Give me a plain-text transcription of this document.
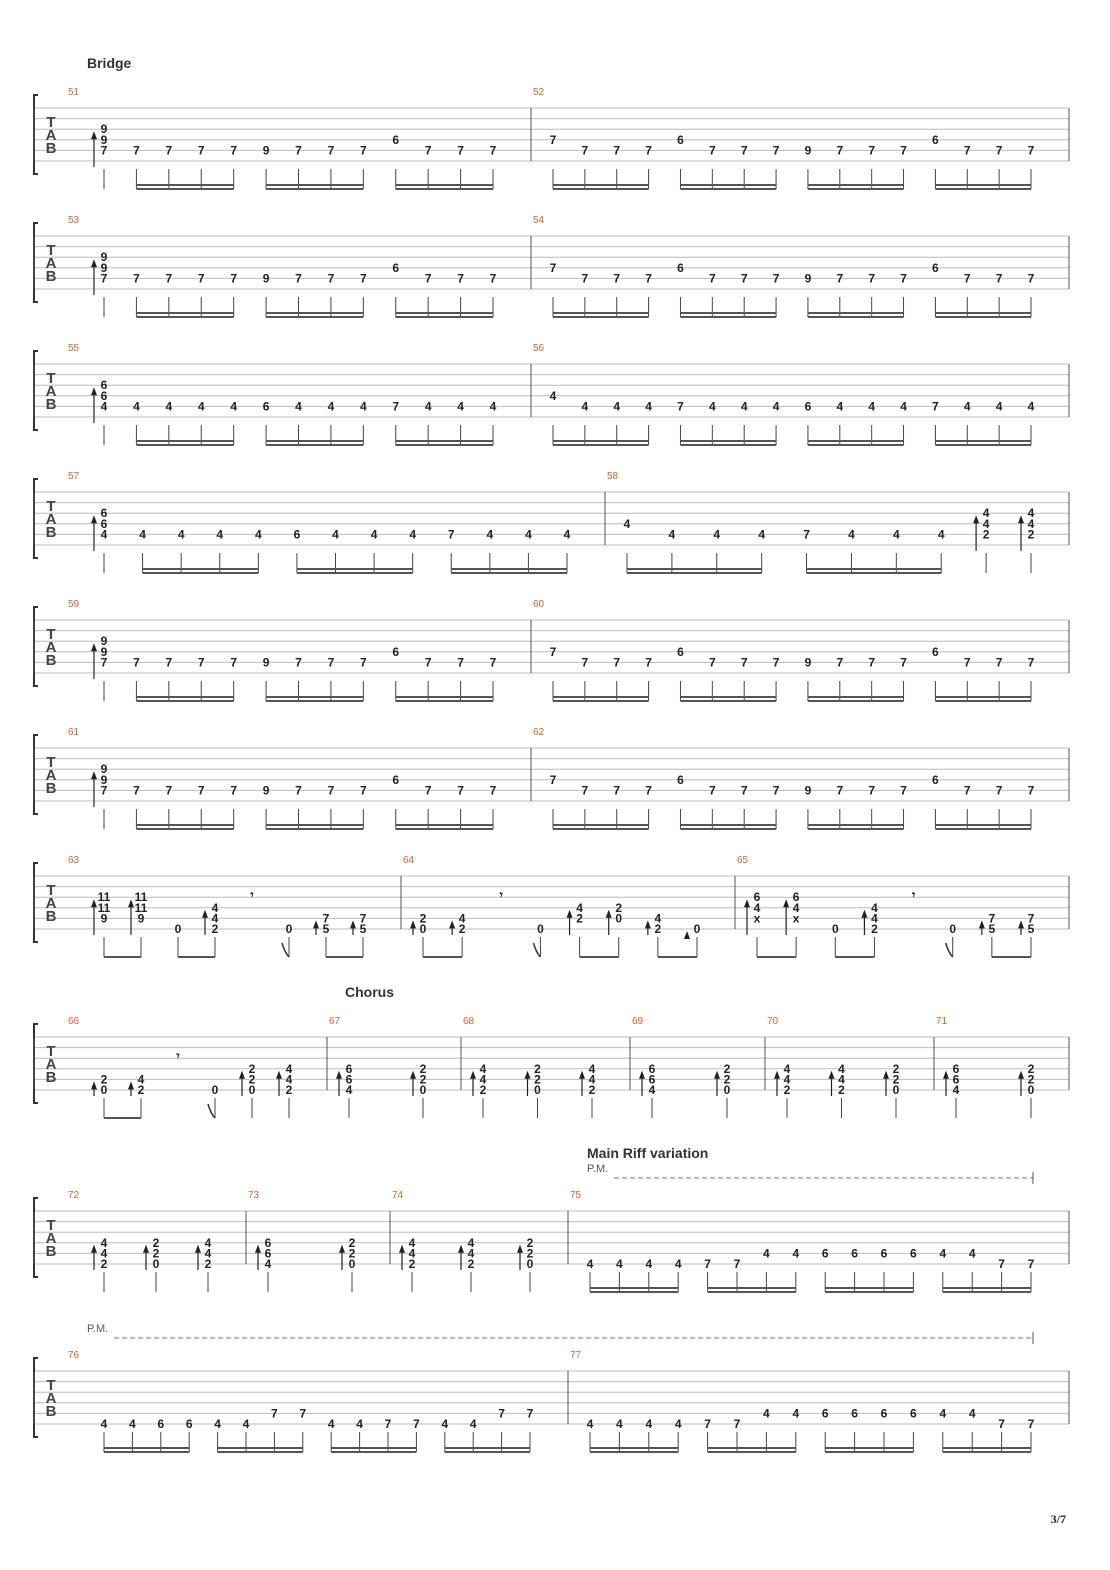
3/7
T
A
B
Bridge
51
9
9
7 7 7 7 7 9 7 7 7
6
7 7 7
52
7
7 7 7
6
7 7 7 9 7 7 7
6
7 7 7
T
A
B
53
9
9
7 7 7 7 7 9 7 7 7
6
7 7 7
54
7
7 7 7
6
7 7 7 9 7 7 7
6
7 7 7
T
A
B
55
6
6
4 4 4 4 4 6 4 4 4 7 4 4 4
56
4
4 4 4 7 4 4 4 6 4 4 4 7 4 4 4
T
A
B
57
6
6
4	4	4	4	4	6	4	4	4	7	4	4	4
58
4
4	4	4	7	4	4	4
4
4
2
4
4
2
T
A
B
59
9
9
7 7 7 7 7 9 7 7 7
6
7 7 7
60
7
7 7 7
6
7 7 7 9 7 7 7
6
7 7 7
T
A
B
61
9
9
7 7 7 7 7 9 7 7 7
6
7 7 7
62
7
7 7 7
6
7 7 7 9 7 7 7
6
7 7 7
T
A
B
63
11
11
9
11
11
9
0
4
4
2
𝄾
0
7
5
7
5
64
2
0
4
2
𝄾
0
4
2
2
0	4
2	0
65
6
4
x
6
4
x
0
4
4
2
𝄾
0
7
5
7
5
T
A
B
Chorus
66
2
0
4
2
𝄾
0
2
2
0
4
4
2
67
6
6
4
2
2
0
68
4
4
2
2
2
0
4
4
2
69
6
6
4
2
2
0
70
4
4
2
4
4
2
2
2
0
71
6
6
4
2
2
0
T
A
B
Main Riff variation
P.M.
72
4
4
2
2
2
0
4
4
2
73
6
6
4
2
2
0
74
4
4
2
4
4
2
2
2
0
75
4 4 4 4 7 7
4 4 6 6 6 6 4 4
7 7
T
A
B
P.M.
76
4 4 6 6 4 4
7 7
4 4 7 7 4 4
7 7
77
4 4 4 4 7 7
4 4 6 6 6 6 4 4
7 7
